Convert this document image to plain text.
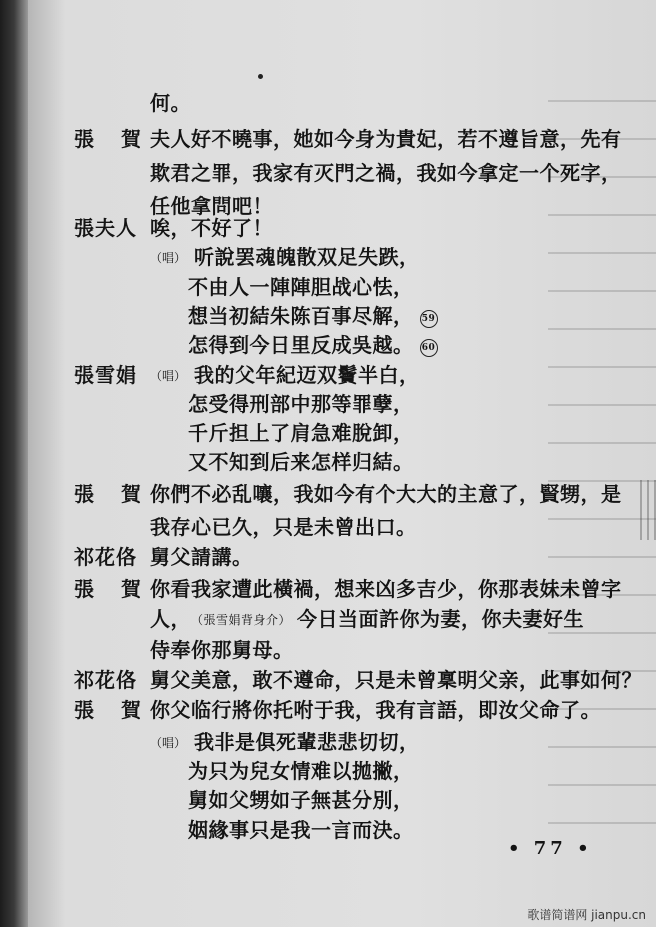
何。
張 賀 夫人好不曉事，她如今身为貴妃，若不遵旨意，先有
欺君之罪，我家有灭門之禍，我如今拿定一个死字，
任他拿問吧！
張夫人 唉，不好了！
（唱） 听說罢魂魄散双足失跌，
不由人一陣陣胆战心怯，
想当初結朱陈百事尽解， 59
怎得到今日里反成吳越。 60
張雪娟 （唱） 我的父年紀迈双鬢半白，
怎受得刑部中那等罪孽，
千斤担上了肩急难脫卸，
又不知到后来怎样归結。
張 賀 你們不必乱嚷，我如今有个大大的主意了，賢甥，是
我存心已久，只是未曾出口。
祁花佫 舅父請講。
張 賀 你看我家遭此橫禍，想来凶多吉少，你那表妹未曾字
人， （張雪娟背身介） 今日当面許你为妻，你夫妻好生
侍奉你那舅母。
祁花佫 舅父美意，敢不遵命，只是未曾稟明父亲，此事如何？
張 賀 你父临行將你托咐于我，我有言語，即汝父命了。
（唱） 我非是俱死輩悲悲切切，
为只为兒女情难以拋撇，
舅如父甥如子無甚分別，
姻緣事只是我一言而決。
• 77 •
歌谱简谱网 jianpu.cn
